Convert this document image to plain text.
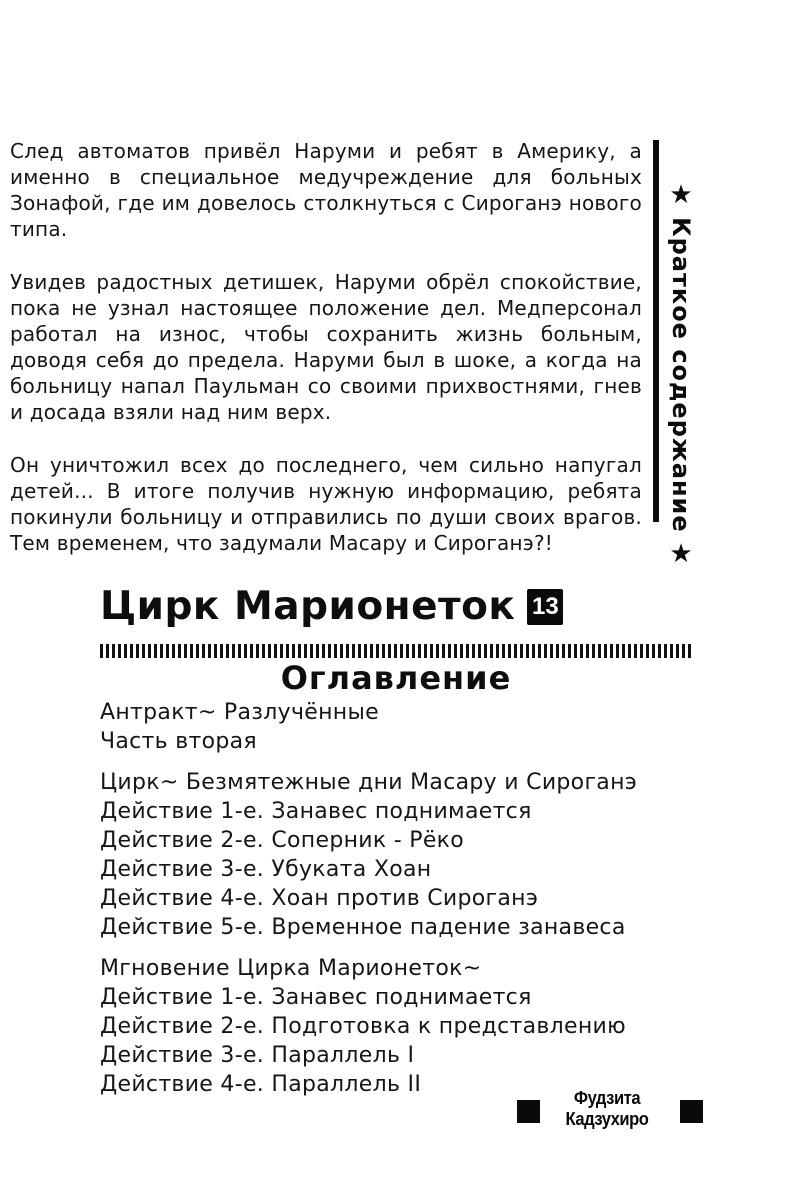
След автоматов привёл Наруми и ребят в Америку, а именно в специальное медучреждение для больных Зонафой, где им довелось столкнуться с Сироганэ нового типа.

Увидев радостных детишек, Наруми обрёл спокойствие, пока не узнал настоящее положение дел. Медперсонал работал на износ, чтобы сохранить жизнь больным, доводя себя до предела. Наруми был в шоке, а когда на больницу напал Паульман со своими прихвостнями, гнев и досада взяли над ним верх.

Он уничтожил всех до последнего, чем сильно напугал детей... В итоге получив нужную информацию, ребята покинули больницу и отправились по души своих врагов. Тем временем, что задумали Масару и Сироганэ?!

★
Краткое содержание
★
Цирк Марионеток 13
Оглавление
Антракт~ Разлучённые
Часть вторая
Цирк~ Безмятежные дни Масару и Сироганэ
Действие 1-е. Занавес поднимается
Действие 2-е. Соперник - Рёко
Действие 3-е. Убуката Хоан
Действие 4-е. Хоан против Сироганэ
Действие 5-е. Временное падение занавеса
Мгновение Цирка Марионеток~
Действие 1-е. Занавес поднимается
Действие 2-е. Подготовка к представлению
Действие 3-е. Параллель I
Действие 4-е. Параллель II
Фудзита
Кадзухиро
